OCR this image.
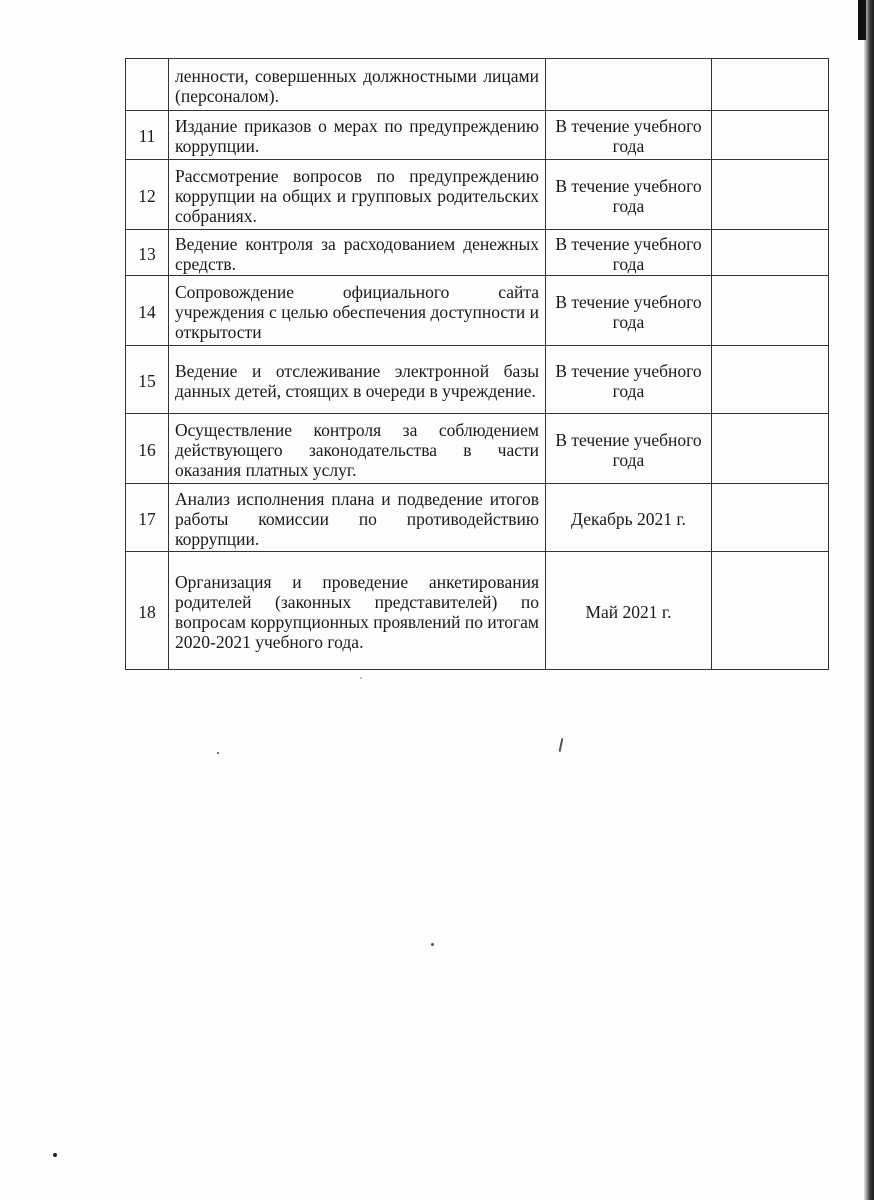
	ленности, совершенных должностными лицами (персоналом).		
11	Издание приказов о мерах по предупреждению коррупции.	В течение учебного года	
12	Рассмотрение вопросов по предупреждению коррупции на общих и групповых родительских собраниях.	В течение учебного года	
13	Ведение контроля за расходованием денежных средств.	В течение учебного года	
14	Сопровождение официального сайта учреждения с целью обеспечения доступности и открытости	В течение учебного года	
15	Ведение и отслеживание электронной базы данных детей, стоящих в очереди в учреждение.	В течение учебного года	
16	Осуществление контроля за соблюдением действующего законодательства в части оказания платных услуг.	В течение учебного года	
17	Анализ исполнения плана и подведение итогов работы комиссии по противодействию коррупции.	Декабрь 2021 г.	
18	Организация и проведение анкетирования родителей (законных представителей) по вопросам коррупционных проявлений по итогам 2020-2021 учебного года.	Май 2021 г.	
